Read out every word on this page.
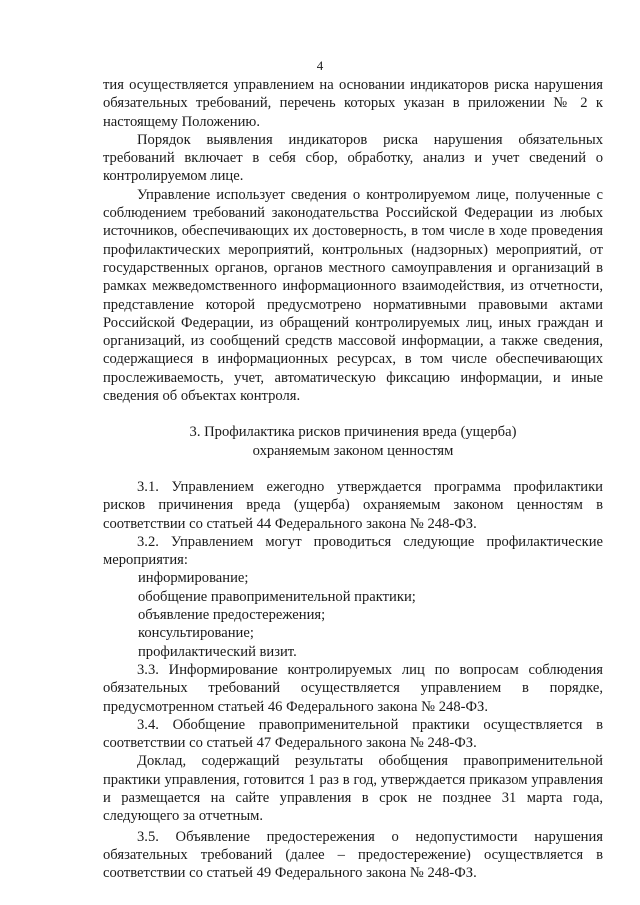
4

тия осуществляется управлением на основании индикаторов риска нарушения обязательных требований, перечень которых указан в приложении № 2 к настоящему Положению.

Порядок выявления индикаторов риска нарушения обязательных требований включает в себя сбор, обработку, анализ и учет сведений о контролируемом лице.

Управление использует сведения о контролируемом лице, полученные с соблюдением требований законодательства Российской Федерации из любых источников, обеспечивающих их достоверность, в том числе в ходе проведения профилактических мероприятий, контрольных (надзорных) мероприятий, от государственных органов, органов местного самоуправления и организаций в рамках межведомственного информационного взаимодействия, из отчетности, представление которой предусмотрено нормативными правовыми актами Российской Федерации, из обращений контролируемых лиц, иных граждан и организаций, из сообщений средств массовой информации, а также сведения, содержащиеся в информационных ресурсах, в том числе обеспечивающих прослеживаемость, учет, автоматическую фиксацию информации, и иные сведения об объектах контроля.

3. Профилактика рисков причинения вреда (ущерба)
охраняемым законом ценностям

3.1. Управлением ежегодно утверждается программа профилактики рисков причинения вреда (ущерба) охраняемым законом ценностям в соответствии со статьей 44 Федерального закона № 248-ФЗ.

3.2. Управлением могут проводиться следующие профилактические мероприятия:

информирование;

обобщение правоприменительной практики;

объявление предостережения;

консультирование;

профилактический визит.

3.3. Информирование контролируемых лиц по вопросам соблюдения обязательных требований осуществляется управлением в порядке, предусмотренном статьей 46 Федерального закона № 248-ФЗ.

3.4. Обобщение правоприменительной практики осуществляется в соответствии со статьей 47 Федерального закона № 248-ФЗ.

Доклад, содержащий результаты обобщения правоприменительной практики управления, готовится 1 раз в год, утверждается приказом управления и размещается на сайте управления в срок не позднее 31 марта года, следующего за отчетным.

3.5. Объявление предостережения о недопустимости нарушения обязательных требований (далее – предостережение) осуществляется в соответствии со статьей 49 Федерального закона № 248-ФЗ.
